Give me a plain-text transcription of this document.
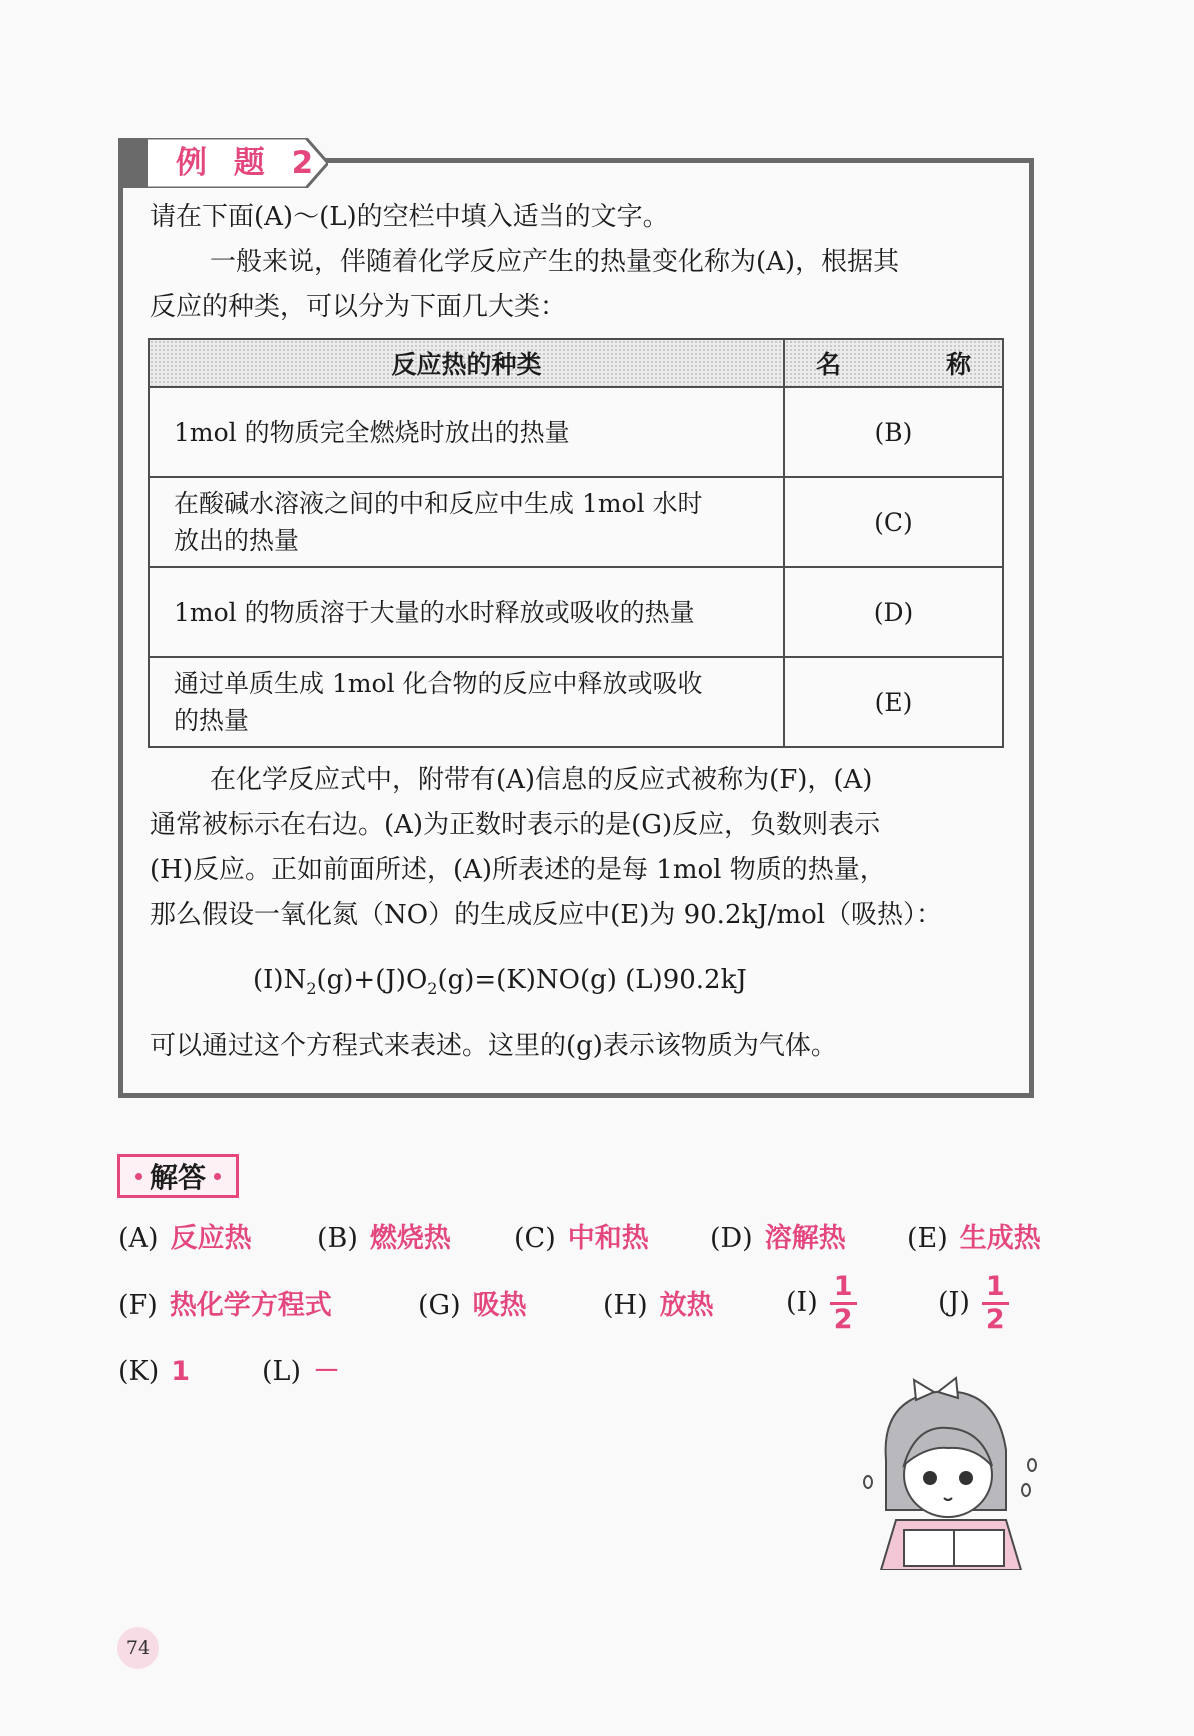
例 题 2
请在下面(A)～(L)的空栏中填入适当的文字。
一般来说，伴随着化学反应产生的热量变化称为(A)，根据其
反应的种类，可以分为下面几大类：
反应热的种类	名 称

1mol 的物质完全燃烧时放出的热量	(B)

在酸碱水溶液之间的中和反应中生成 1mol 水时
放出的热量	(C)

1mol 的物质溶于大量的水时释放或吸收的热量	(D)

通过单质生成 1mol 化合物的反应中释放或吸收
的热量	(E)
在化学反应式中，附带有(A)信息的反应式被称为(F)，(A)
通常被标示在右边。(A)为正数时表示的是(G)反应，负数则表示
(H)反应。正如前面所述，(A)所表述的是每 1mol 物质的热量，
那么假设一氧化氮（NO）的生成反应中(E)为 90.2kJ/mol（吸热）：
$(I)N_2(g)+(J)O_2(g)=(K)NO(g)$ (L)90.2kJ
可以通过这个方程式来表述。这里的(g)表示该物质为气体。
解答
(A) 反应热 (B) 燃烧热 (C) 中和热 (D) 溶解热 (E) 生成热
(F) 热化学方程式	(G) 吸热	(H) 放热	$(I) \frac{1}{2}$	$(J) \frac{1}{2}$
(K) 1	(L) －
74
